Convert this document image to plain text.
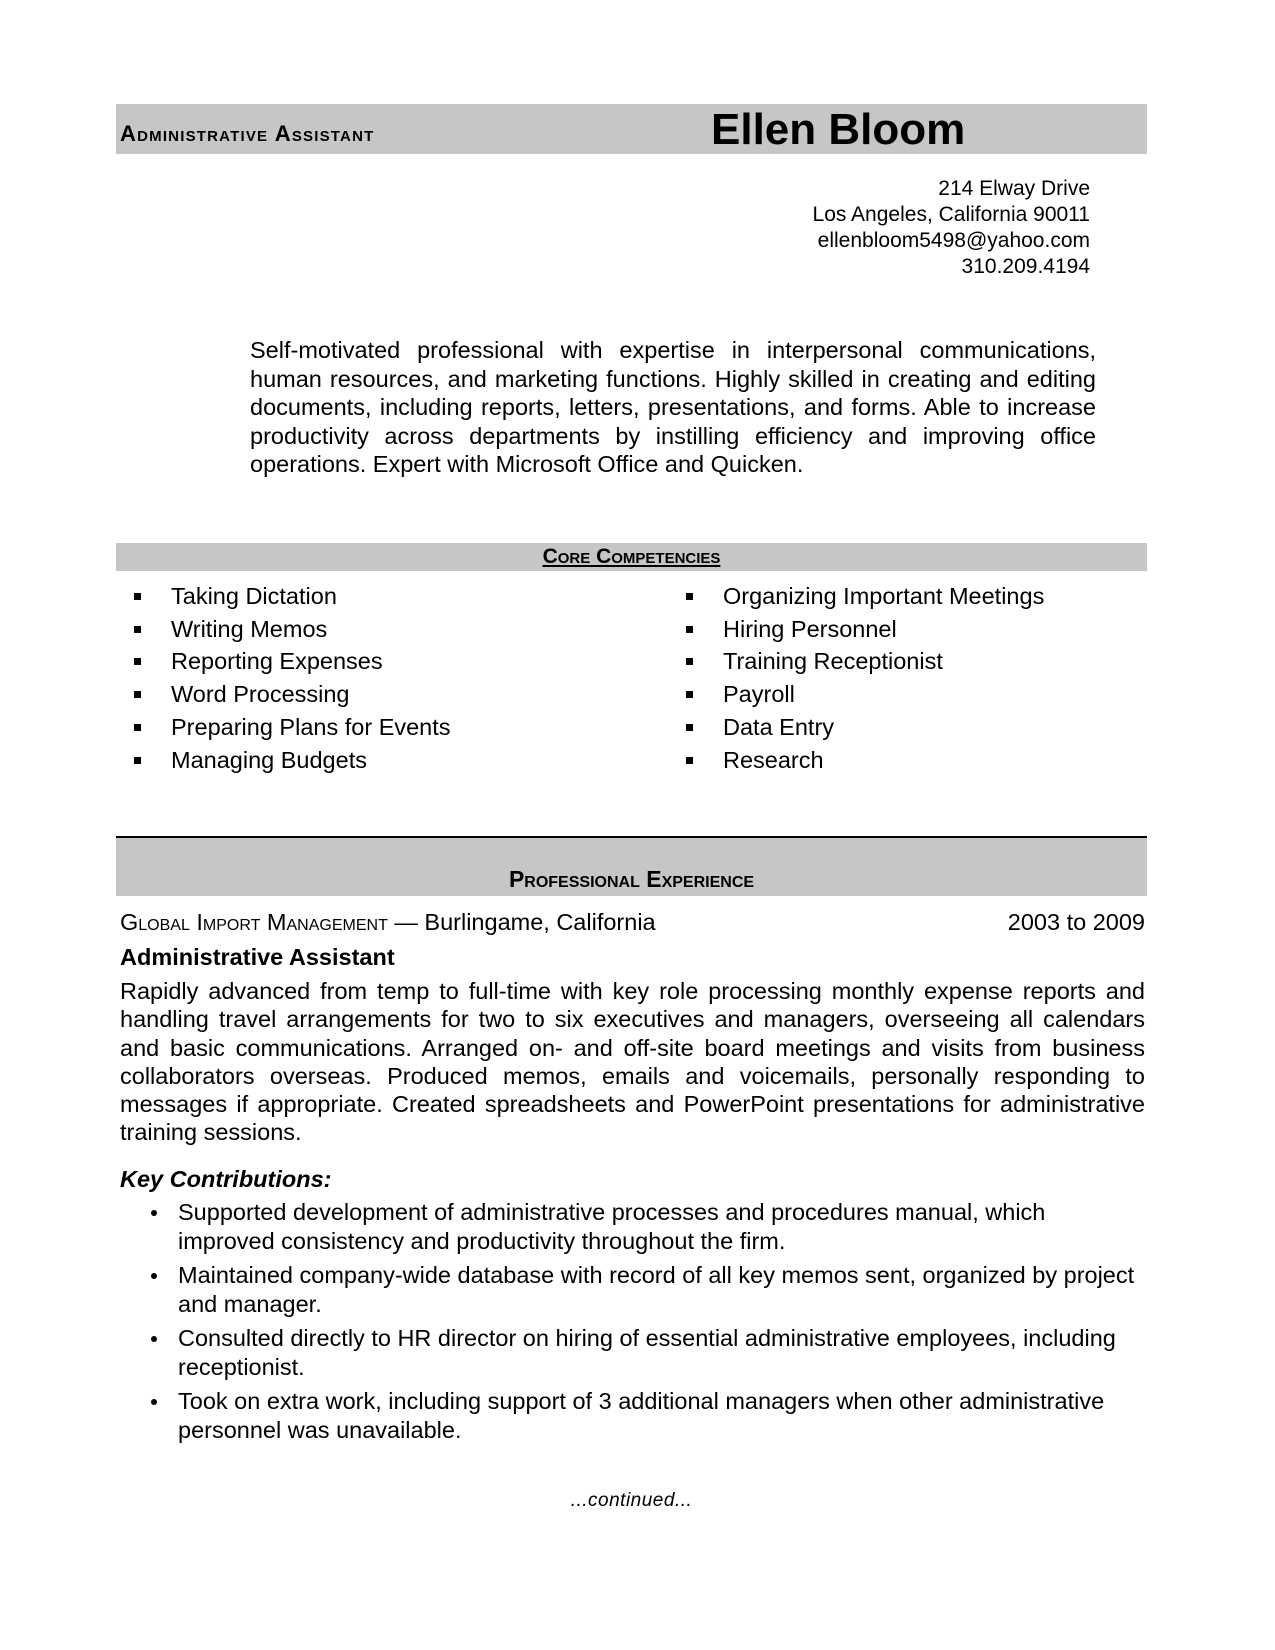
Administrative Assistant	Ellen Bloom
214 Elway Drive
Los Angeles, California 90011
ellenbloom5498@yahoo.com
310.209.4194
Self-motivated professional with expertise in interpersonal communications, human resources, and marketing functions. Highly skilled in creating and editing documents, including reports, letters, presentations, and forms. Able to increase productivity across departments by instilling efficiency and improving office operations. Expert with Microsoft Office and Quicken.
Core Competencies
Taking Dictation
Writing Memos
Reporting Expenses
Word Processing
Preparing Plans for Events
Managing Budgets
Organizing Important Meetings
Hiring Personnel
Training Receptionist
Payroll
Data Entry
Research
Professional Experience
Global Import Management — Burlingame, California	2003 to 2009
Administrative Assistant
Rapidly advanced from temp to full-time with key role processing monthly expense reports and handling travel arrangements for two to six executives and managers, overseeing all calendars and basic communications. Arranged on- and off-site board meetings and visits from business collaborators overseas. Produced memos, emails and voicemails, personally responding to messages if appropriate. Created spreadsheets and PowerPoint presentations for administrative training sessions.
Key Contributions:
Supported development of administrative processes and procedures manual, which improved consistency and productivity throughout the firm.
Maintained company-wide database with record of all key memos sent, organized by project and manager.
Consulted directly to HR director on hiring of essential administrative employees, including receptionist.
Took on extra work, including support of 3 additional managers when other administrative personnel was unavailable.
...continued...
